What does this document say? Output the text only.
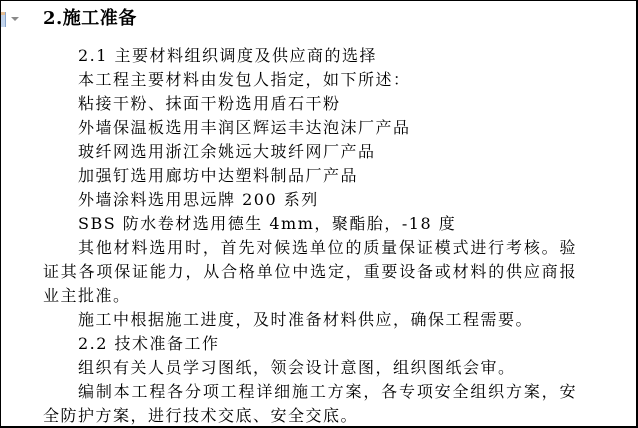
2.施工准备

2.1 主要材料组织调度及供应商的选择

本工程主要材料由发包人指定，如下所述：

粘接干粉、抹面干粉选用盾石干粉

外墙保温板选用丰润区辉运丰达泡沫厂产品

玻纤网选用浙江余姚远大玻纤网厂产品

加强钉选用廊坊中达塑料制品厂产品

外墙涂料选用思远牌 200 系列

SBS 防水卷材选用德生 4mm，聚酯胎，-18 度

其他材料选用时，首先对候选单位的质量保证模式进行考核。验证其各项保证能力，从合格单位中选定，重要设备或材料的供应商报业主批准。

施工中根据施工进度，及时准备材料供应，确保工程需要。

2.2 技术准备工作

组织有关人员学习图纸，领会设计意图，组织图纸会审。

编制本工程各分项工程详细施工方案，各专项安全组织方案，安全防护方案，进行技术交底、安全交底。
